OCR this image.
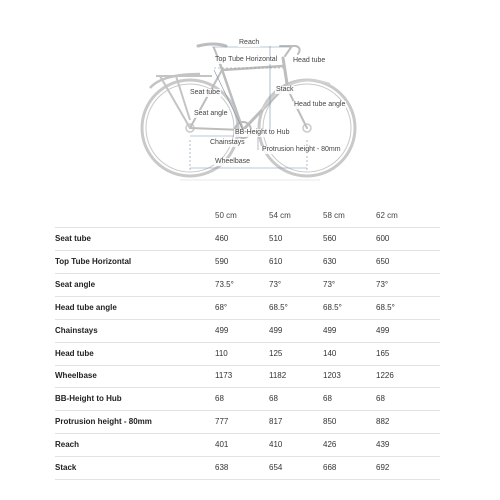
Reach
Top Tube Horizontal Head tube
Seat tube	Stack
Head tube angle
Seat angle
BB-Height to Hub
Chainstays
Protrusion height - 80mm
Wheelbase
50 cm	54 cm	58 cm	62 cm
Seat tube	460	510	560	600
Top Tube Horizontal	590	610	630	650
Seat angle	73.5°	73°	73°	73°
Head tube angle	68°	68.5°	68.5°	68.5°
Chainstays	499	499	499	499
Head tube	110	125	140	165
Wheelbase	1173	1182	1203	1226
BB-Height to Hub	68	68	68	68
Protrusion height - 80mm	777	817	850	882
Reach	401	410	426	439
Stack	638	654	668	692
